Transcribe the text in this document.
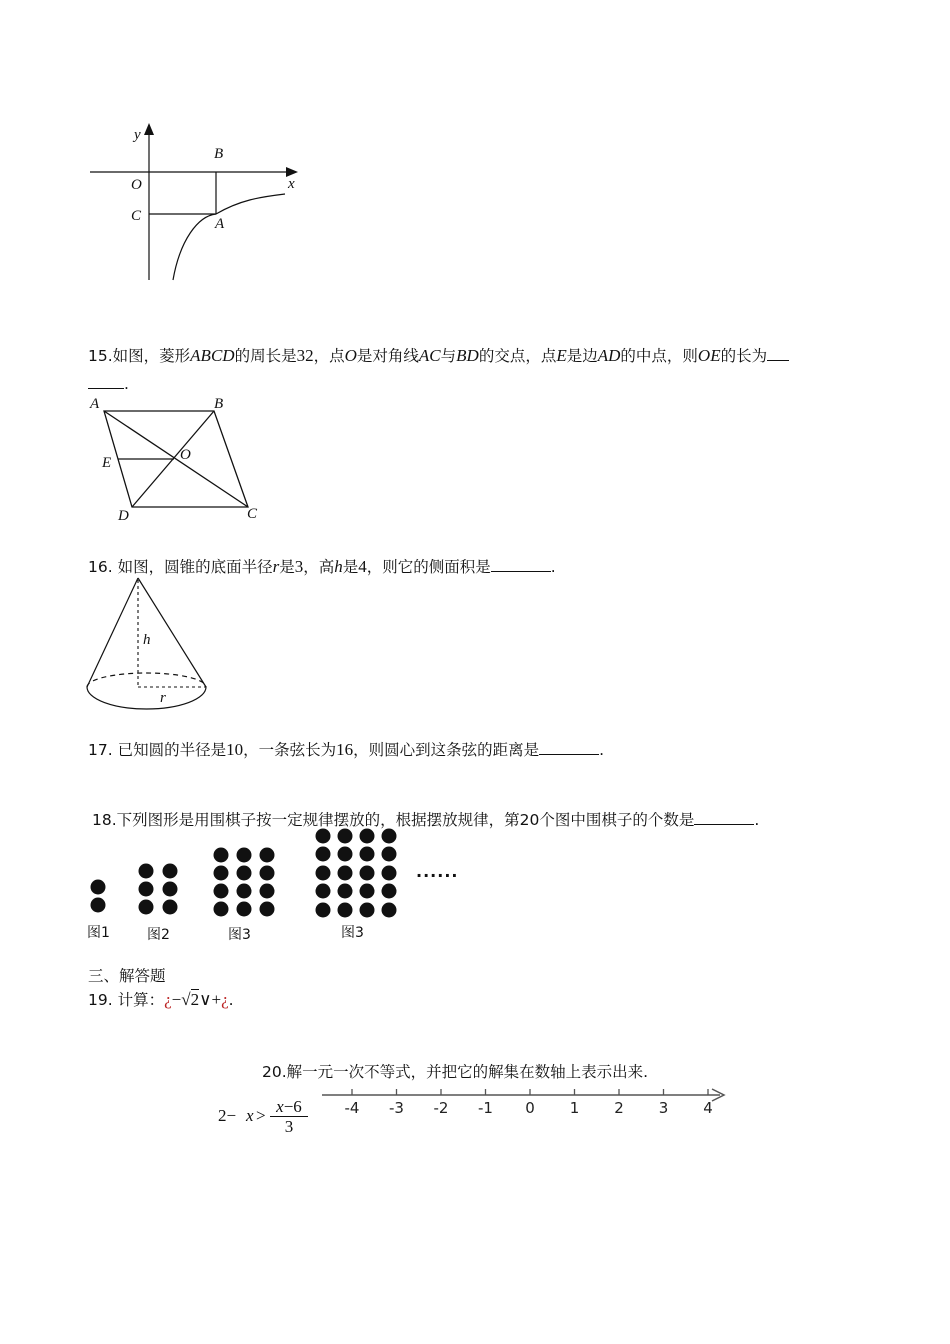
y
x
O
B
C	A
15.如图，菱形ABCD的周长是32，点O是对角线AC与BD的交点，点E是边AD的中点，则OE的长为
.
A	B
C
D
E	O
16. 如图，圆锥的底面半径r是3，高h是4，则它的侧面积是	.
h
r
17. 已知圆的半径是10，一条弦长为16，则圆心到这条弦的距离是	.
18.下列图形是用围棋子按一定规律摆放的，根据摆放规律，第20个图中围棋子的个数是	.
......
图1	图2	图3	图3
三、解答题
19. 计算：¿−√2∨+¿.
20.解一元一次不等式，并把它的解集在数轴上表示出来.
2− x > x−6
3
-4 -3 -2 -1 0 1 2 3 4
